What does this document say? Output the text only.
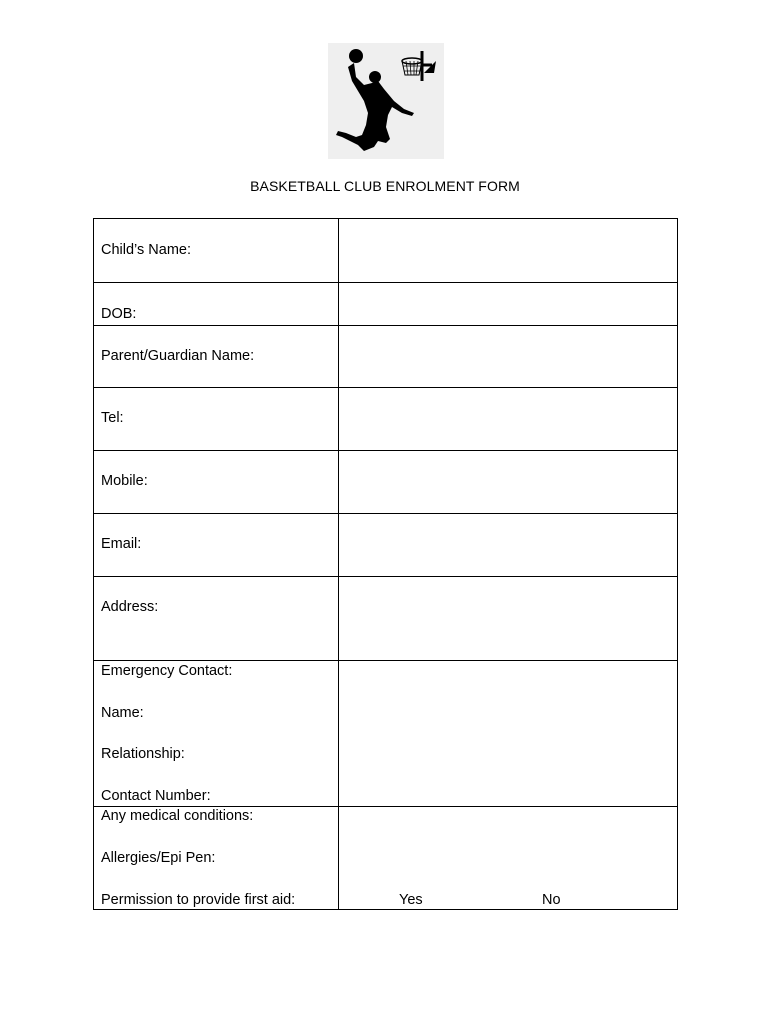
BASKETBALL CLUB ENROLMENT FORM
Child’s Name:
DOB:
Parent/Guardian Name:
Tel:
Mobile:
Email:
Address:
Emergency Contact:
Name:
Relationship:
Contact Number:
Any medical conditions:
Allergies/Epi Pen:
Permission to provide first aid:	Yes	No
